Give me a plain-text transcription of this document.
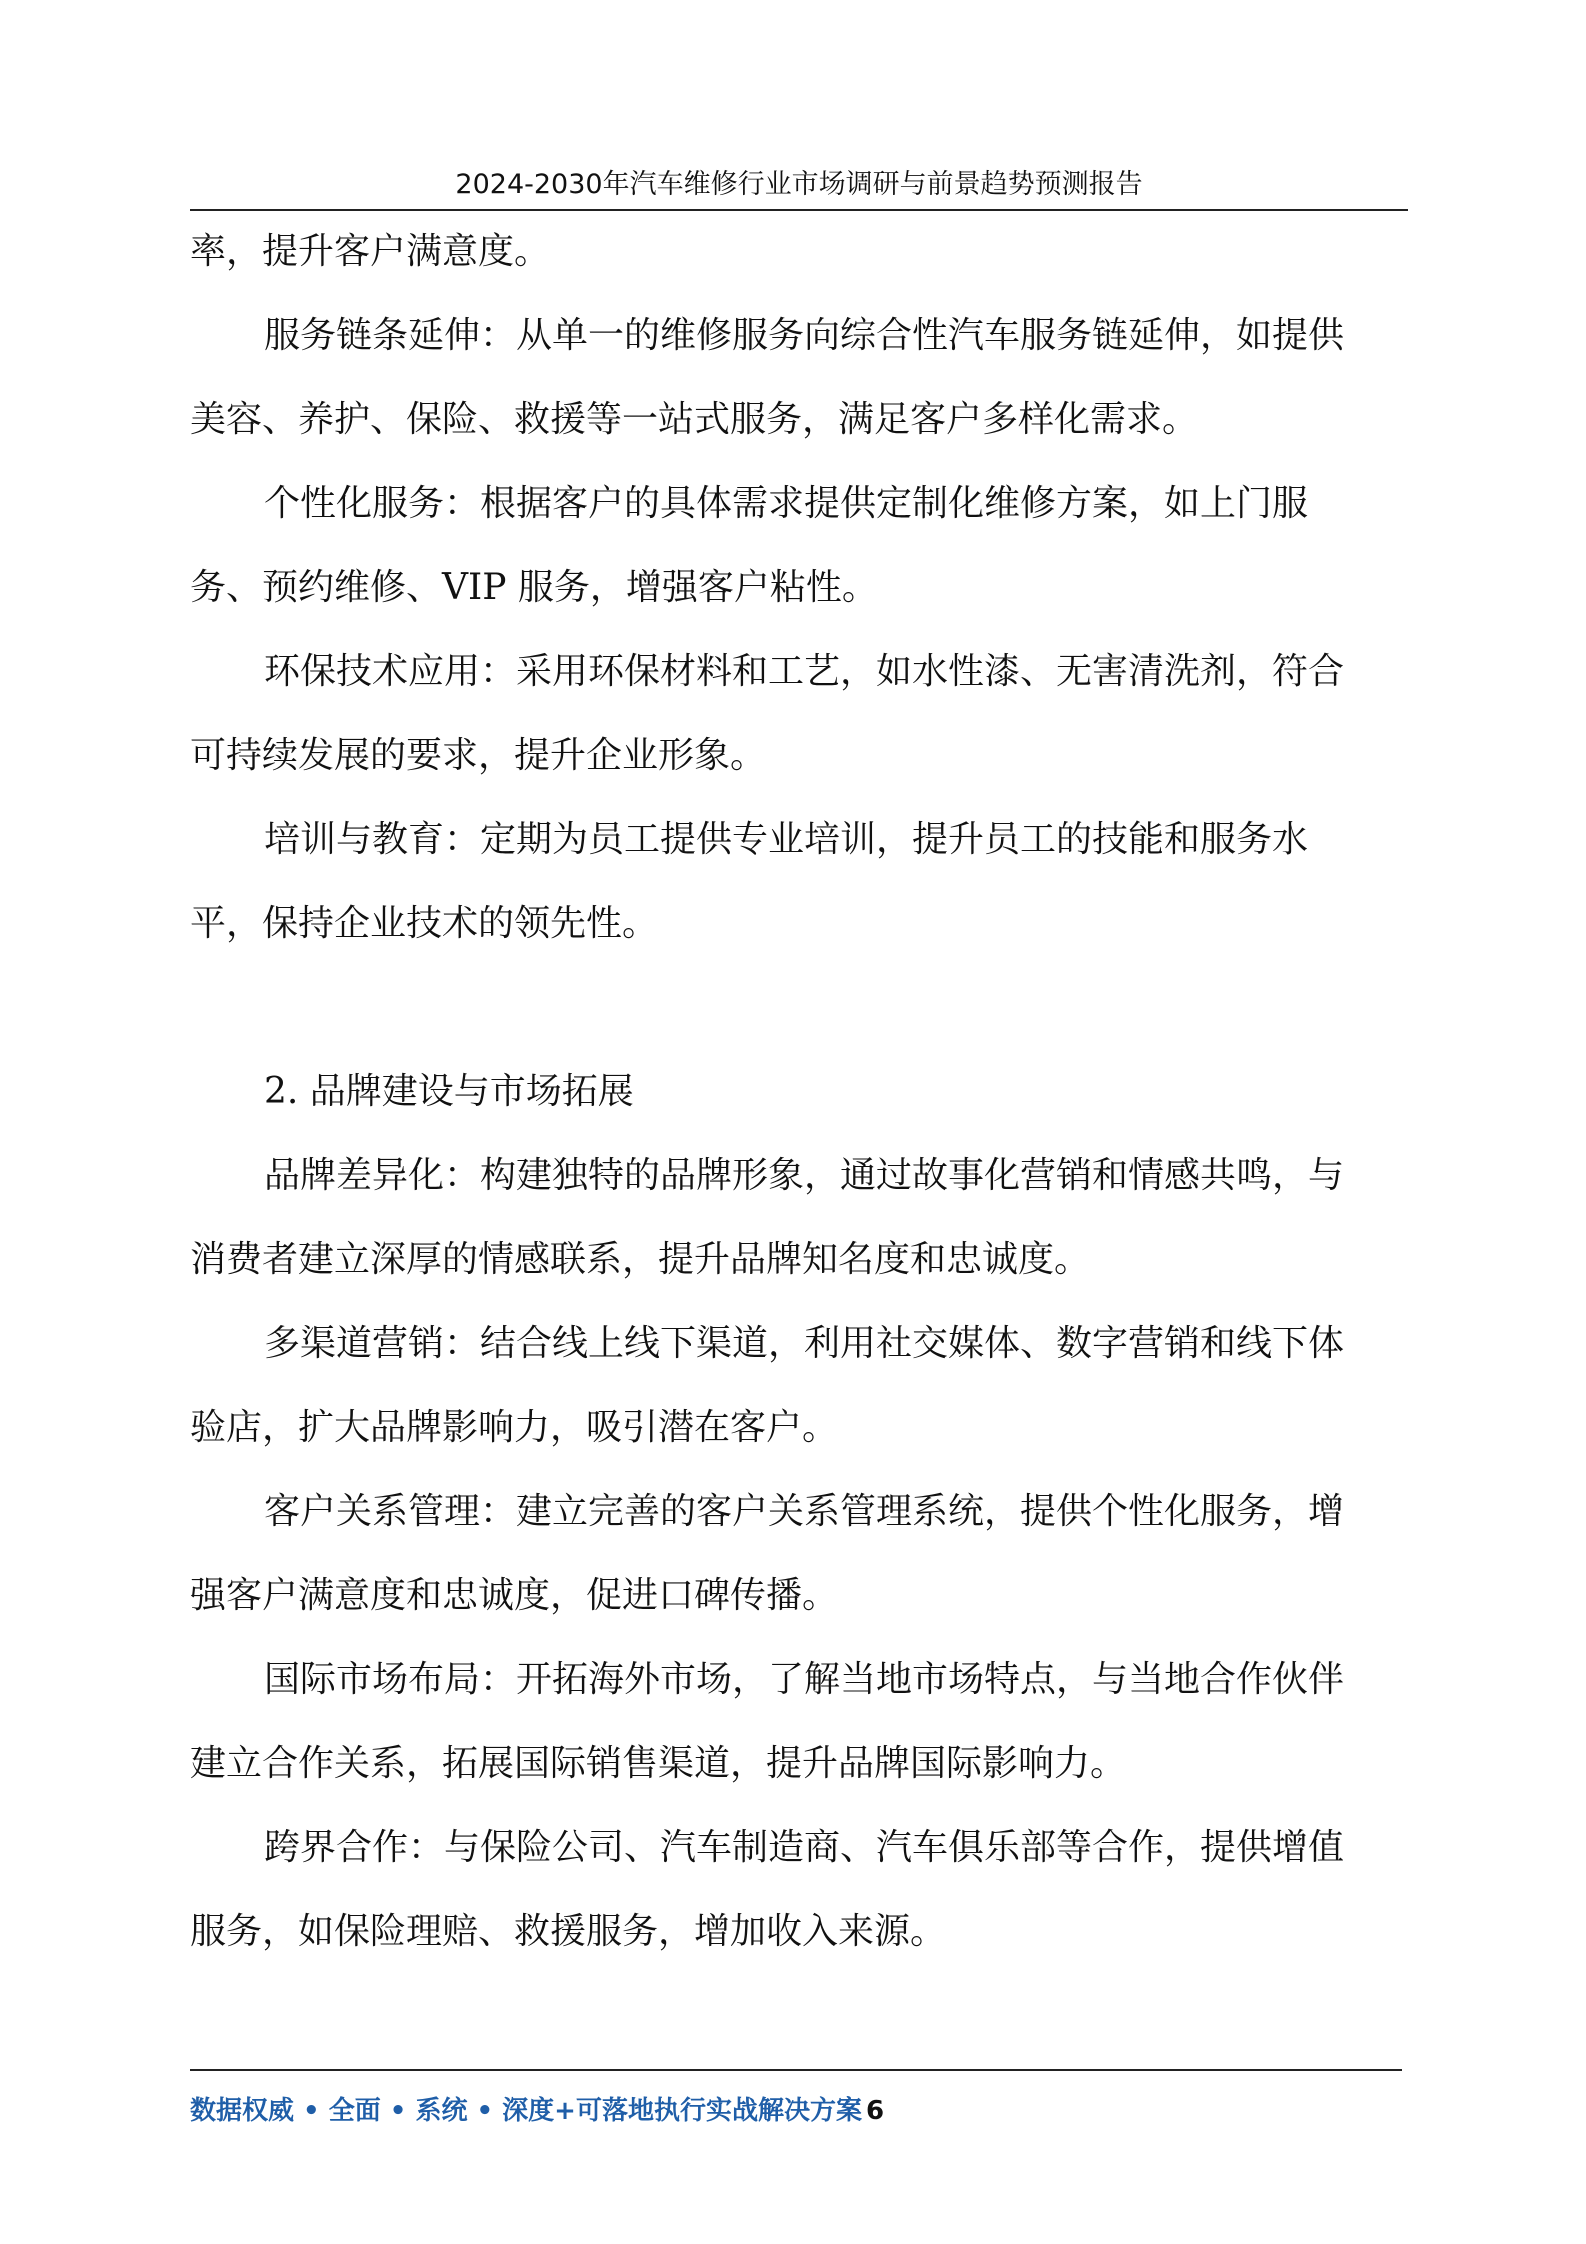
2024-2030年汽车维修行业市场调研与前景趋势预测报告
率，提升客户满意度。
服务链条延伸：从单一的维修服务向综合性汽车服务链延伸，如提供
美容、养护、保险、救援等一站式服务，满足客户多样化需求。
个性化服务：根据客户的具体需求提供定制化维修方案，如上门服
务、预约维修、VIP 服务，增强客户粘性。
环保技术应用：采用环保材料和工艺，如水性漆、无害清洗剂，符合
可持续发展的要求，提升企业形象。
培训与教育：定期为员工提供专业培训，提升员工的技能和服务水
平，保持企业技术的领先性。
2. 品牌建设与市场拓展
品牌差异化：构建独特的品牌形象，通过故事化营销和情感共鸣，与
消费者建立深厚的情感联系，提升品牌知名度和忠诚度。
多渠道营销：结合线上线下渠道，利用社交媒体、数字营销和线下体
验店，扩大品牌影响力，吸引潜在客户。
客户关系管理：建立完善的客户关系管理系统，提供个性化服务，增
强客户满意度和忠诚度，促进口碑传播。
国际市场布局：开拓海外市场，了解当地市场特点，与当地合作伙伴
建立合作关系，拓展国际销售渠道，提升品牌国际影响力。
跨界合作：与保险公司、汽车制造商、汽车俱乐部等合作，提供增值
服务，如保险理赔、救援服务，增加收入来源。
数据权威 • 全面 • 系统 • 深度+可落地执行实战解决方案 6
